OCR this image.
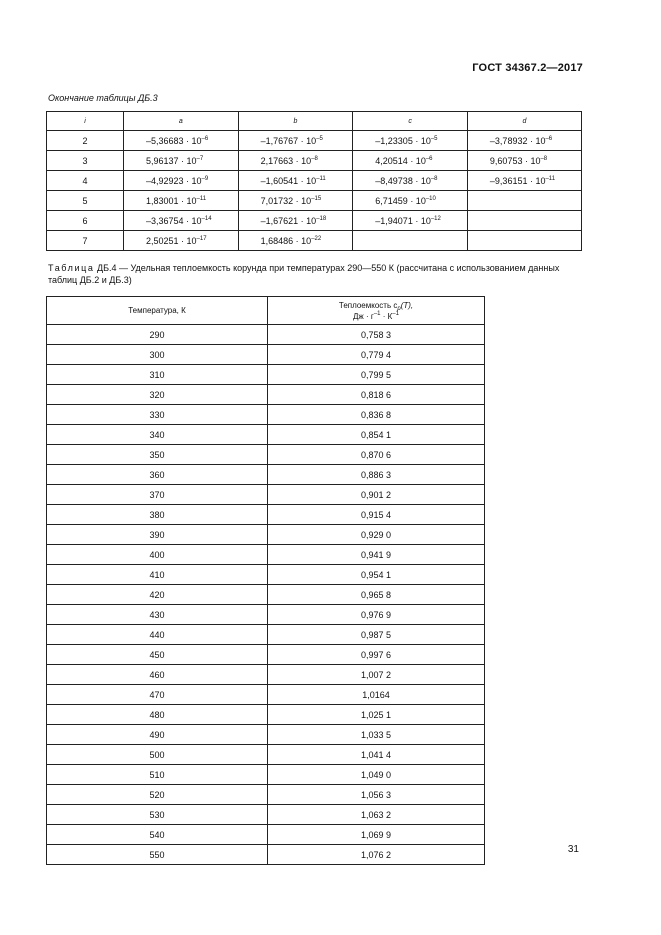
ГОСТ 34367.2—2017
Окончание таблицы ДБ.3
i	a	b	c	d
2	$-5,36683 \cdot 10^{-6}$	$-1,76767 \cdot 10^{-5}$	$-1,23305 \cdot 10^{-5}$	$-3,78932 \cdot 10^{-6}$
3	$5,96137 \cdot 10^{-7}$	$2,17663 \cdot 10^{-8}$	$4,20514 \cdot 10^{-6}$	$9,60753 \cdot 10^{-8}$
4	$-4,92923 \cdot 10^{-9}$	$-1,60541 \cdot 10^{-11}$	$-8,49738 \cdot 10^{-8}$	$-9,36151 \cdot 10^{-11}$
5	$1,83001 \cdot 10^{-11}$	$7,01732 \cdot 10^{-15}$	$6,71459 \cdot 10^{-10}$	
6	$-3,36754 \cdot 10^{-14}$	$-1,67621 \cdot 10^{-18}$	$-1,94071 \cdot 10^{-12}$	
7	$2,50251 \cdot 10^{-17}$	$1,68486 \cdot 10^{-22}$		
Таблица ДБ.4 — Удельная теплоемкость корунда при температурах 290—550 К (рассчитана с использованием данных таблиц ДБ.2 и ДБ.3)
Температура, К	Теплоемкость $c_p(T)$,
Дж · $г^{-1} \cdot К^{-1}$
290	0,758 3
300	0,779 4
310	0,799 5
320	0,818 6
330	0,836 8
340	0,854 1
350	0,870 6
360	0,886 3
370	0,901 2
380	0,915 4
390	0,929 0
400	0,941 9
410	0,954 1
420	0,965 8
430	0,976 9
440	0,987 5
450	0,997 6
460	1,007 2
470	1,0164
480	1,025 1
490	1,033 5
500	1,041 4
510	1,049 0
520	1,056 3
530	1,063 2
540	1,069 9
550	1,076 2	31
